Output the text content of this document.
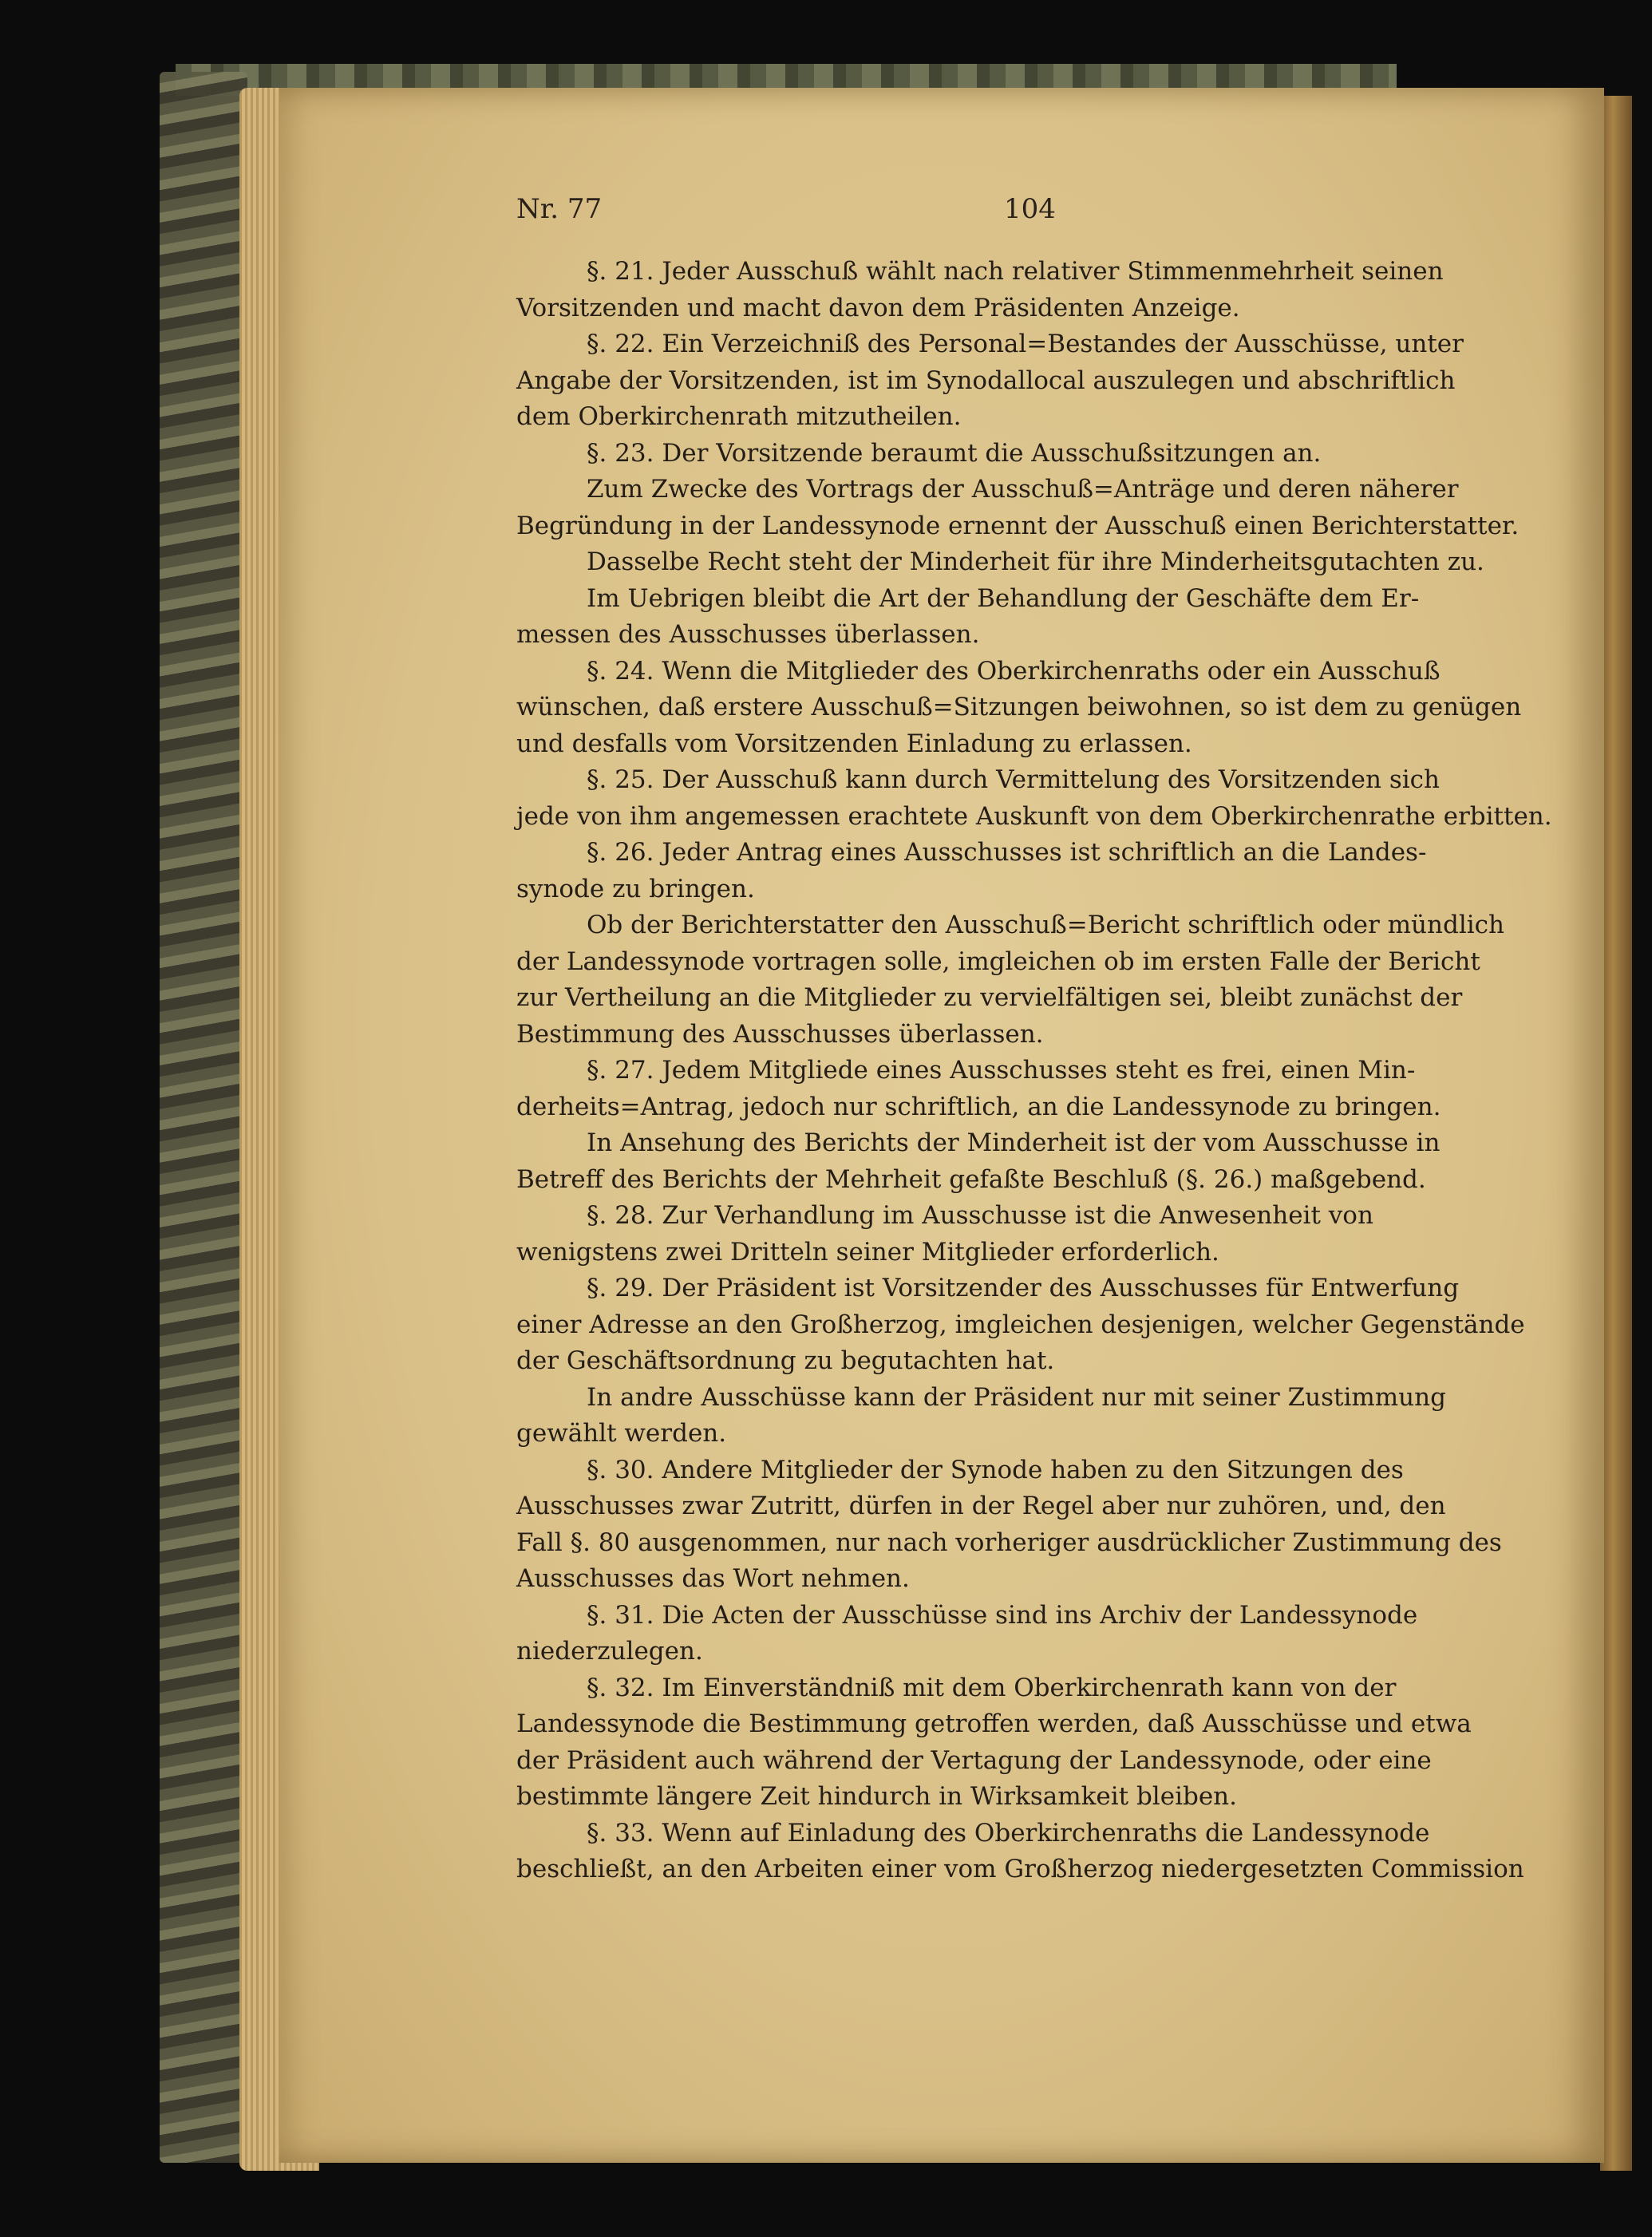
Nr. 77	104
§. 21. Jeder Ausschuß wählt nach relativer Stimmenmehrheit seinen
Vorsitzenden und macht davon dem Präsidenten Anzeige.
§. 22. Ein Verzeichniß des Personal=Bestandes der Ausschüsse, unter
Angabe der Vorsitzenden, ist im Synodallocal auszulegen und abschriftlich
dem Oberkirchenrath mitzutheilen.
§. 23. Der Vorsitzende beraumt die Ausschußsitzungen an.
Zum Zwecke des Vortrags der Ausschuß=Anträge und deren näherer
Begründung in der Landessynode ernennt der Ausschuß einen Berichterstatter.
Dasselbe Recht steht der Minderheit für ihre Minderheitsgutachten zu.
Im Uebrigen bleibt die Art der Behandlung der Geschäfte dem Er-
messen des Ausschusses überlassen.
§. 24. Wenn die Mitglieder des Oberkirchenraths oder ein Ausschuß
wünschen, daß erstere Ausschuß=Sitzungen beiwohnen, so ist dem zu genügen
und desfalls vom Vorsitzenden Einladung zu erlassen.
§. 25. Der Ausschuß kann durch Vermittelung des Vorsitzenden sich
jede von ihm angemessen erachtete Auskunft von dem Oberkirchenrathe erbitten.
§. 26. Jeder Antrag eines Ausschusses ist schriftlich an die Landes-
synode zu bringen.
Ob der Berichterstatter den Ausschuß=Bericht schriftlich oder mündlich
der Landessynode vortragen solle, imgleichen ob im ersten Falle der Bericht
zur Vertheilung an die Mitglieder zu vervielfältigen sei, bleibt zunächst der
Bestimmung des Ausschusses überlassen.
§. 27. Jedem Mitgliede eines Ausschusses steht es frei, einen Min-
derheits=Antrag, jedoch nur schriftlich, an die Landessynode zu bringen.
In Ansehung des Berichts der Minderheit ist der vom Ausschusse in
Betreff des Berichts der Mehrheit gefaßte Beschluß (§. 26.) maßgebend.
§. 28. Zur Verhandlung im Ausschusse ist die Anwesenheit von
wenigstens zwei Dritteln seiner Mitglieder erforderlich.
§. 29. Der Präsident ist Vorsitzender des Ausschusses für Entwerfung
einer Adresse an den Großherzog, imgleichen desjenigen, welcher Gegenstände
der Geschäftsordnung zu begutachten hat.
In andre Ausschüsse kann der Präsident nur mit seiner Zustimmung
gewählt werden.
§. 30. Andere Mitglieder der Synode haben zu den Sitzungen des
Ausschusses zwar Zutritt, dürfen in der Regel aber nur zuhören, und, den
Fall §. 80 ausgenommen, nur nach vorheriger ausdrücklicher Zustimmung des
Ausschusses das Wort nehmen.
§. 31. Die Acten der Ausschüsse sind ins Archiv der Landessynode
niederzulegen.
§. 32. Im Einverständniß mit dem Oberkirchenrath kann von der
Landessynode die Bestimmung getroffen werden, daß Ausschüsse und etwa
der Präsident auch während der Vertagung der Landessynode, oder eine
bestimmte längere Zeit hindurch in Wirksamkeit bleiben.
§. 33. Wenn auf Einladung des Oberkirchenraths die Landessynode
beschließt, an den Arbeiten einer vom Großherzog niedergesetzten Commission
